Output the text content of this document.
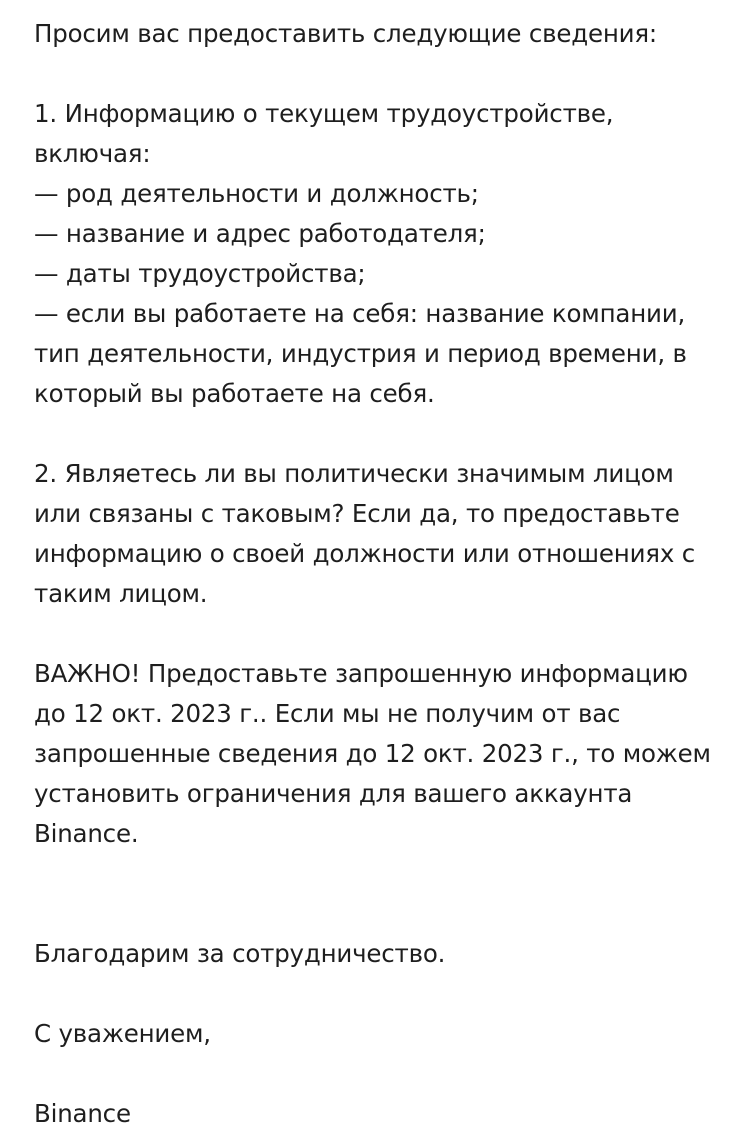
Просим вас предоставить следующие сведения:
1. Информацию о текущем трудоустройстве,
включая:
— род деятельности и должность;
— название и адрес работодателя;
— даты трудоустройства;
— если вы работаете на себя: название компании,
тип деятельности, индустрия и период времени, в
который вы работаете на себя.
2. Являетесь ли вы политически значимым лицом
или связаны с таковым? Если да, то предоставьте
информацию о своей должности или отношениях с
таким лицом.
ВАЖНО! Предоставьте запрошенную информацию
до 12 окт. 2023 г.. Если мы не получим от вас
запрошенные сведения до 12 окт. 2023 г., то можем
установить ограничения для вашего аккаунта
Binance.
Благодарим за сотрудничество.
С уважением,
Binance
